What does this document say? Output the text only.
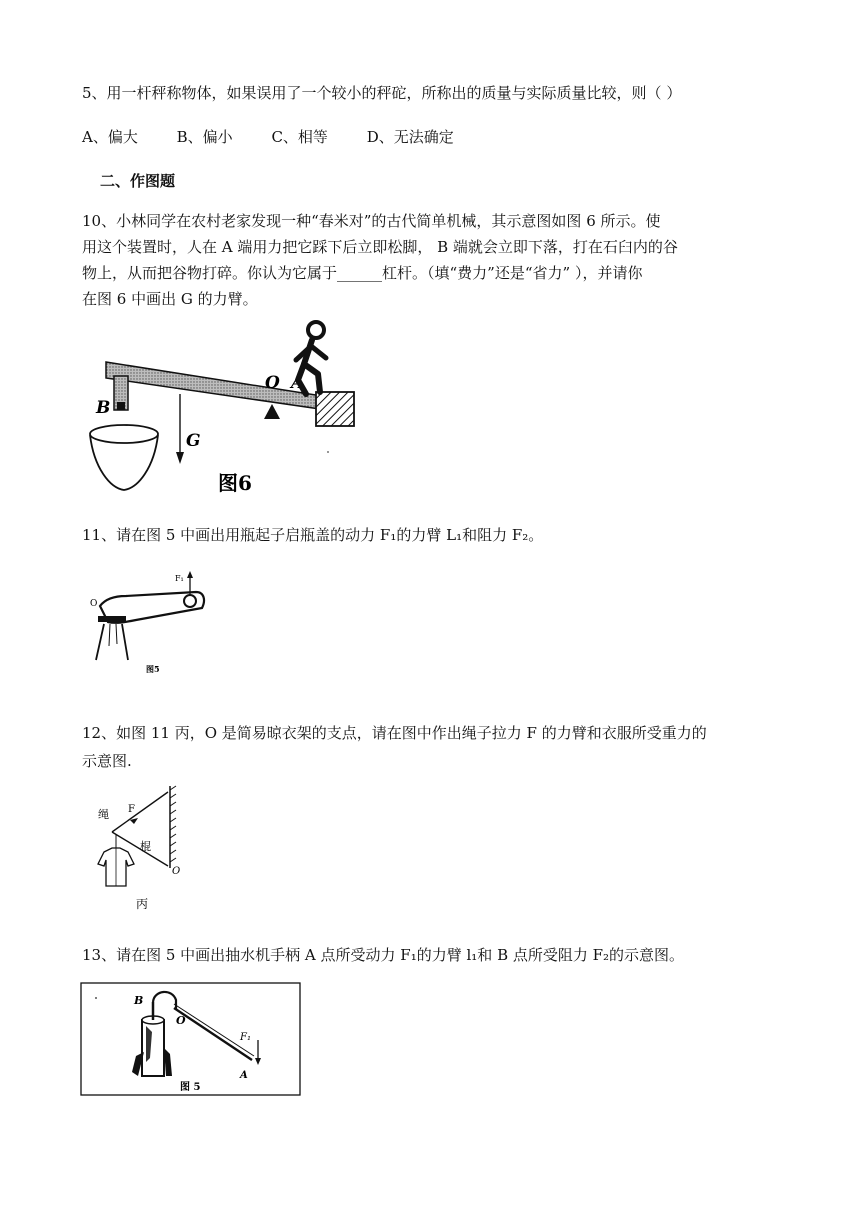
5、用一杆秤称物体，如果误用了一个较小的秤砣，所称出的质量与实际质量比较，则（ ）

A、偏大	B、偏小	C、相等	D、无法确定

二、作图题

10、小林同学在农村老家发现一种“春米对”的古代简单机械，其示意图如图 6 所示。使

用这个装置时，人在 A 端用力把它踩下后立即松脚， B 端就会立即下落，打在石臼内的谷

物上，从而把谷物打碎。你认为它属于______杠杆。（填“费力”还是“省力” ），并请你

在图 6 中画出 G 的力臂。

B
G
O A
图6

11、请在图 5 中画出用瓶起子启瓶盖的动力 F₁的力臂 L₁和阻力 F₂。

F₁
O
图5

12、如图 11 丙，O 是简易晾衣架的支点，请在图中作出绳子拉力 F 的力臂和衣服所受重力的

示意图.

绳 F
棍
O
丙

13、请在图 5 中画出抽水机手柄 A 点所受动力 F₁的力臂 l₁和 B 点所受阻力 F₂的示意图。

B
O
F₁
A
图 5
